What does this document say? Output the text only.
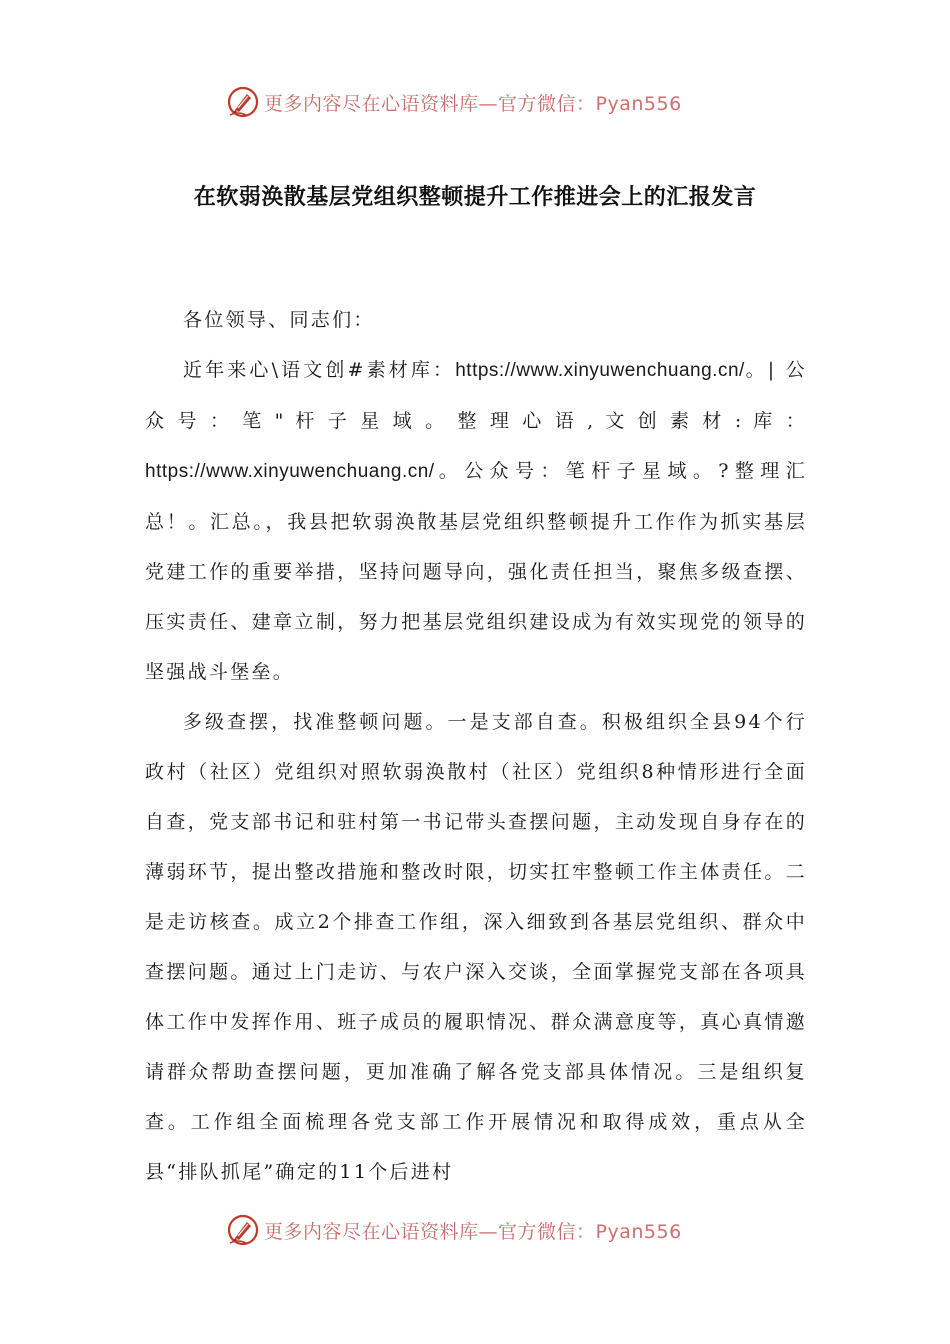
更多内容尽在心语资料库—官方微信：Pyan556
在软弱涣散基层党组织整顿提升工作推进会上的汇报发言

各位领导、同志们：

近年来心\语文创#素材库：https://www.xinyuwenchuang.cn/。| 公 众 号 ： 笔 " 杆 子 星 域 。 整 理 心 语 , 文 创 素 材 : 库 ： https://www.xinyuwenchuang.cn/。公众号：笔杆子星域。?整理汇总！。汇总。，我县把软弱涣散基层党组织整顿提升工作作为抓实基层党建工作的重要举措，坚持问题导向，强化责任担当，聚焦多级查摆、压实责任、建章立制，努力把基层党组织建设成为有效实现党的领导的坚强战斗堡垒。

多级查摆，找准整顿问题。一是支部自查。积极组织全县94个行政村（社区）党组织对照软弱涣散村（社区）党组织8种情形进行全面自查，党支部书记和驻村第一书记带头查摆问题，主动发现自身存在的薄弱环节，提出整改措施和整改时限，切实扛牢整顿工作主体责任。二是走访核查。成立2个排查工作组，深入细致到各基层党组织、群众中查摆问题。通过上门走访、与农户深入交谈，全面掌握党支部在各项具体工作中发挥作用、班子成员的履职情况、群众满意度等，真心真情邀请群众帮助查摆问题，更加准确了解各党支部具体情况。三是组织复查。工作组全面梳理各党支部工作开展情况和取得成效，重点从全县“排队抓尾”确定的11个后进村

更多内容尽在心语资料库—官方微信：Pyan556
